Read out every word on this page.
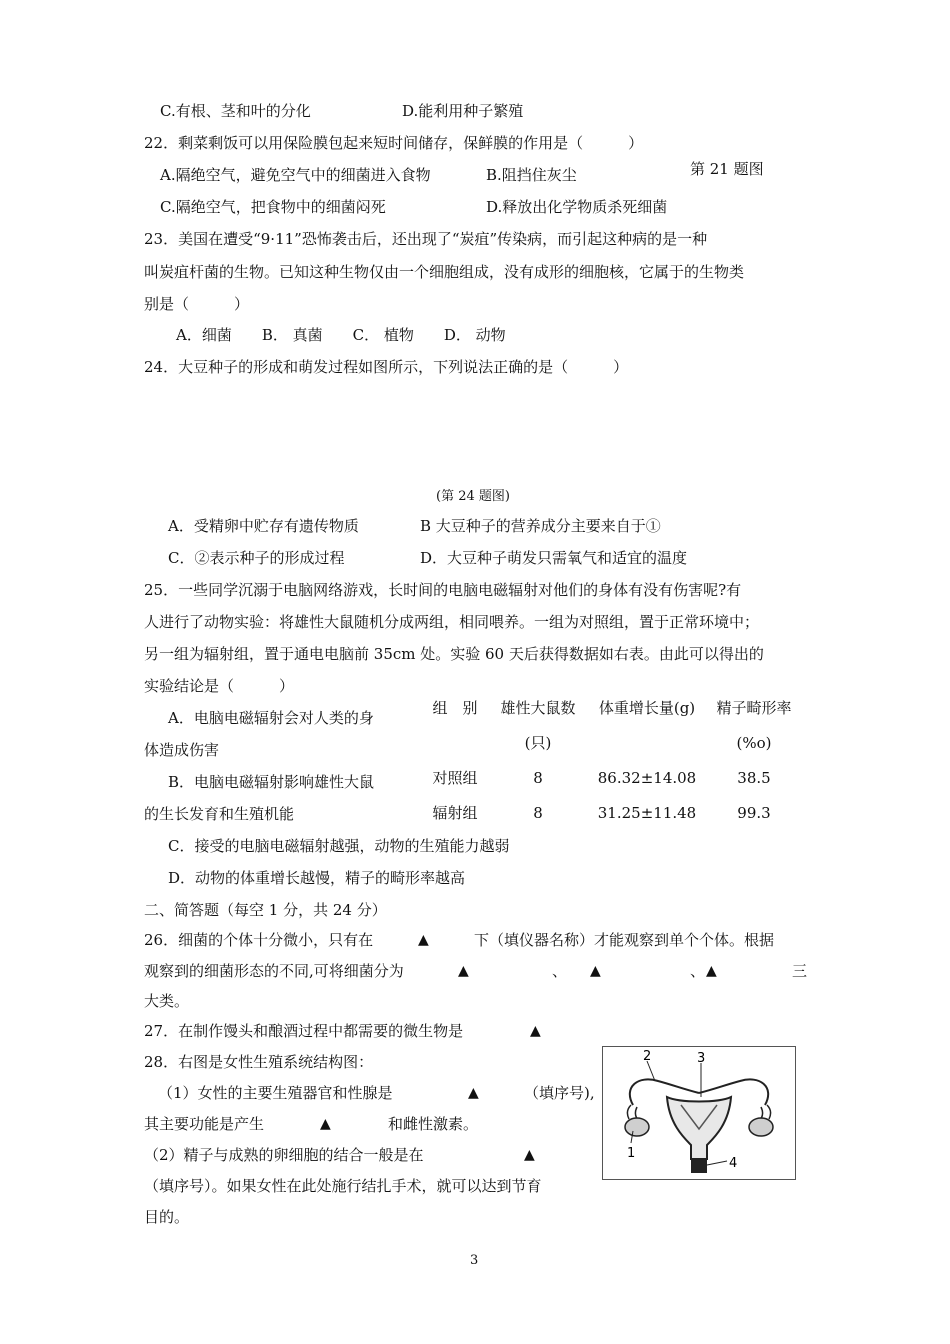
C.有根、茎和叶的分化	D.能利用种子繁殖
22．剩菜剩饭可以用保险膜包起来短时间储存，保鲜膜的作用是（　　　）
A.隔绝空气，避免空气中的细菌进入食物	B.阻挡住灰尘	第 21 题图
C.隔绝空气，把食物中的细菌闷死	D.释放出化学物质杀死细菌
23．美国在遭受“9·11”恐怖袭击后，还出现了“炭疽”传染病，而引起这种病的是一种
叫炭疽杆菌的生物。已知这种生物仅由一个细胞组成，没有成形的细胞核，它属于的生物类
别是（　　　）
A．细菌　　B． 真菌　　C． 植物　　D． 动物
24．大豆种子的形成和萌发过程如图所示，下列说法正确的是（　　　）
(第 24 题图)
A．受精卵中贮存有遗传物质	B 大豆种子的营养成分主要来自于①
C．②表示种子的形成过程	D．大豆种子萌发只需氧气和适宜的温度
25．一些同学沉溺于电脑网络游戏，长时间的电脑电磁辐射对他们的身体有没有伤害呢?有
人进行了动物实验：将雄性大鼠随机分成两组，相同喂养。一组为对照组，置于正常环境中；
另一组为辐射组，置于通电电脑前 35cm 处。实验 60 天后获得数据如右表。由此可以得出的
实验结论是（　　　）
A．电脑电磁辐射会对人类的身
体造成伤害
B．电脑电磁辐射影响雄性大鼠
的生长发育和生殖机能
C．接受的电脑电磁辐射越强，动物的生殖能力越弱
D．动物的体重增长越慢，精子的畸形率越高
组　别	雄性大鼠数	体重增长量(g)	精子畸形率
	(只)		(%o)
对照组	8	86.32±14.08	38.5
辐射组	8	31.25±11.48	99.3
二、简答题（每空 1 分，共 24 分）
26．细菌的个体十分微小，只有在	▲	下（填仪器名称）才能观察到单个个体。根据
观察到的细菌形态的不同,可将细菌分为	▲	、 ▲	、 ▲	三
大类。
27．在制作馒头和酿酒过程中都需要的微生物是	▲
28．右图是女性生殖系统结构图：
（1）女性的主要生殖器官和性腺是	▲	（填序号),
其主要功能是产生	▲	和雌性激素。
（2）精子与成熟的卵细胞的结合一般是在	▲
（填序号）。如果女性在此处施行结扎手术，就可以达到节育
目的。
2	3
1
4
3
